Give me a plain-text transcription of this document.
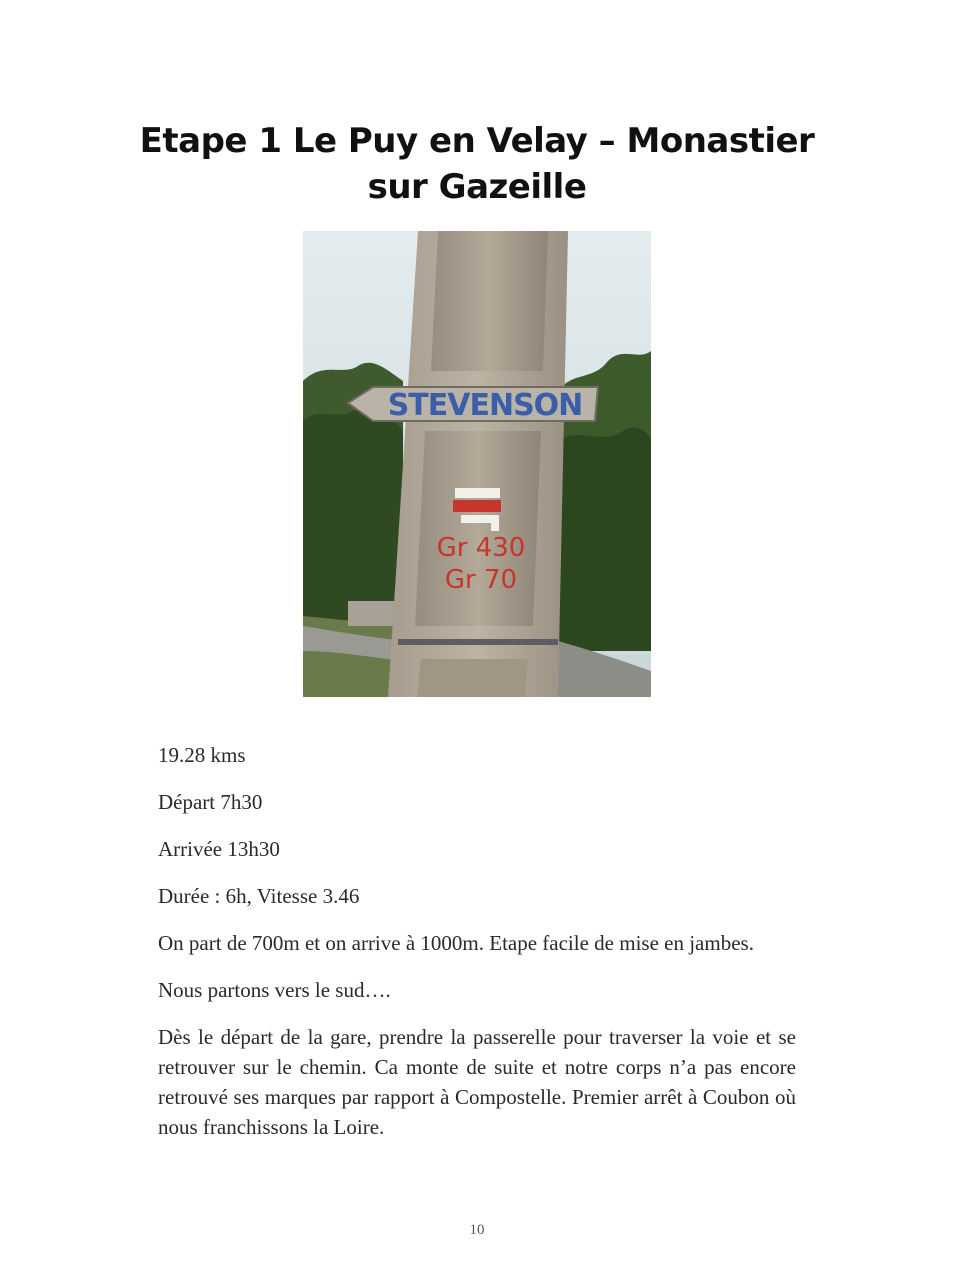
Etape 1 Le Puy en Velay – Monastier
sur Gazeille
STEVENSON
Gr 430
Gr 70

19.28 kms

Départ 7h30

Arrivée 13h30

Durée : 6h, Vitesse 3.46

On part de 700m et on arrive à 1000m. Etape facile de mise en jambes.

Nous partons vers le sud….

Dès le départ de la gare, prendre la passerelle pour traverser la voie et se retrouver sur le chemin. Ca monte de suite et notre corps n’a pas encore retrouvé ses marques par rapport à Compostelle. Premier arrêt à Coubon où nous franchissons la Loire.

10
